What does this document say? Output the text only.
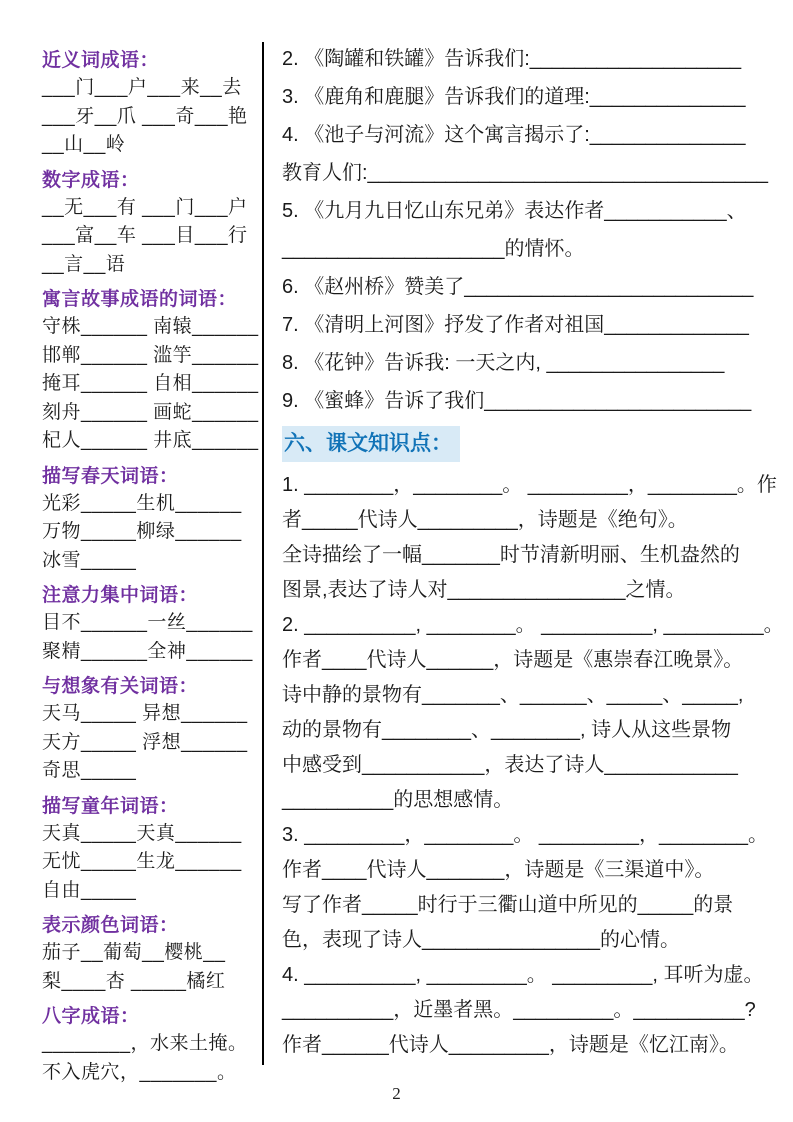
近义词成语：
___门___户___来__去
___牙__爪 ___奇___艳
__山__岭
数字成语：
__无___有 ___门___户
___富__车 ___目___行
__言__语
寓言故事成语的词语：
守株______ 南辕______
邯郸______ 滥竽______
掩耳______ 自相______
刻舟______ 画蛇______
杞人______ 井底______
描写春天词语：
光彩_____生机______
万物_____柳绿______
冰雪_____
注意力集中词语：
目不______一丝______
聚精______全神______
与想象有关词语：
天马_____ 异想______
天方_____ 浮想______
奇思_____
描写童年词语：
天真_____天真______
无忧_____生龙______
自由_____
表示颜色词语：
茄子__葡萄__樱桃__
梨____杏 _____橘红
八字成语：
________，水来土掩。
不入虎穴，_______。
2. 《陶罐和铁罐》告诉我们:___________________
3. 《鹿角和鹿腿》告诉我们的道理:______________
4. 《池子与河流》这个寓言揭示了:______________
教育人们:____________________________________
5. 《九月九日忆山东兄弟》表达作者___________、
____________________的情怀。
6. 《赵州桥》赞美了__________________________
7. 《清明上河图》抒发了作者对祖国_____________
8. 《花钟》告诉我: 一天之内, ________________
9. 《蜜蜂》告诉了我们________________________
六、课文知识点：
1. ________，________。 _________，________。作
者_____代诗人_________，诗题是《绝句》。
全诗描绘了一幅_______时节清新明丽、生机盎然的
图景,表达了诗人对________________之情。
2. __________, ________。 __________, _________。
作者____代诗人______，诗题是《惠崇春江晚景》。
诗中静的景物有_______、______、_____、_____,
动的景物有________、________, 诗人从这些景物
中感受到___________，表达了诗人____________
__________的思想感情。
3. _________，________。 _________，________。
作者____代诗人_______，诗题是《三渠道中》。
写了作者_____时行于三衢山道中所见的_____的景
色，表现了诗人________________的心情。
4. __________, _________。 _________, 耳听为虚。
__________，近墨者黑。_________。__________?
作者______代诗人_________，诗题是《忆江南》。
2
